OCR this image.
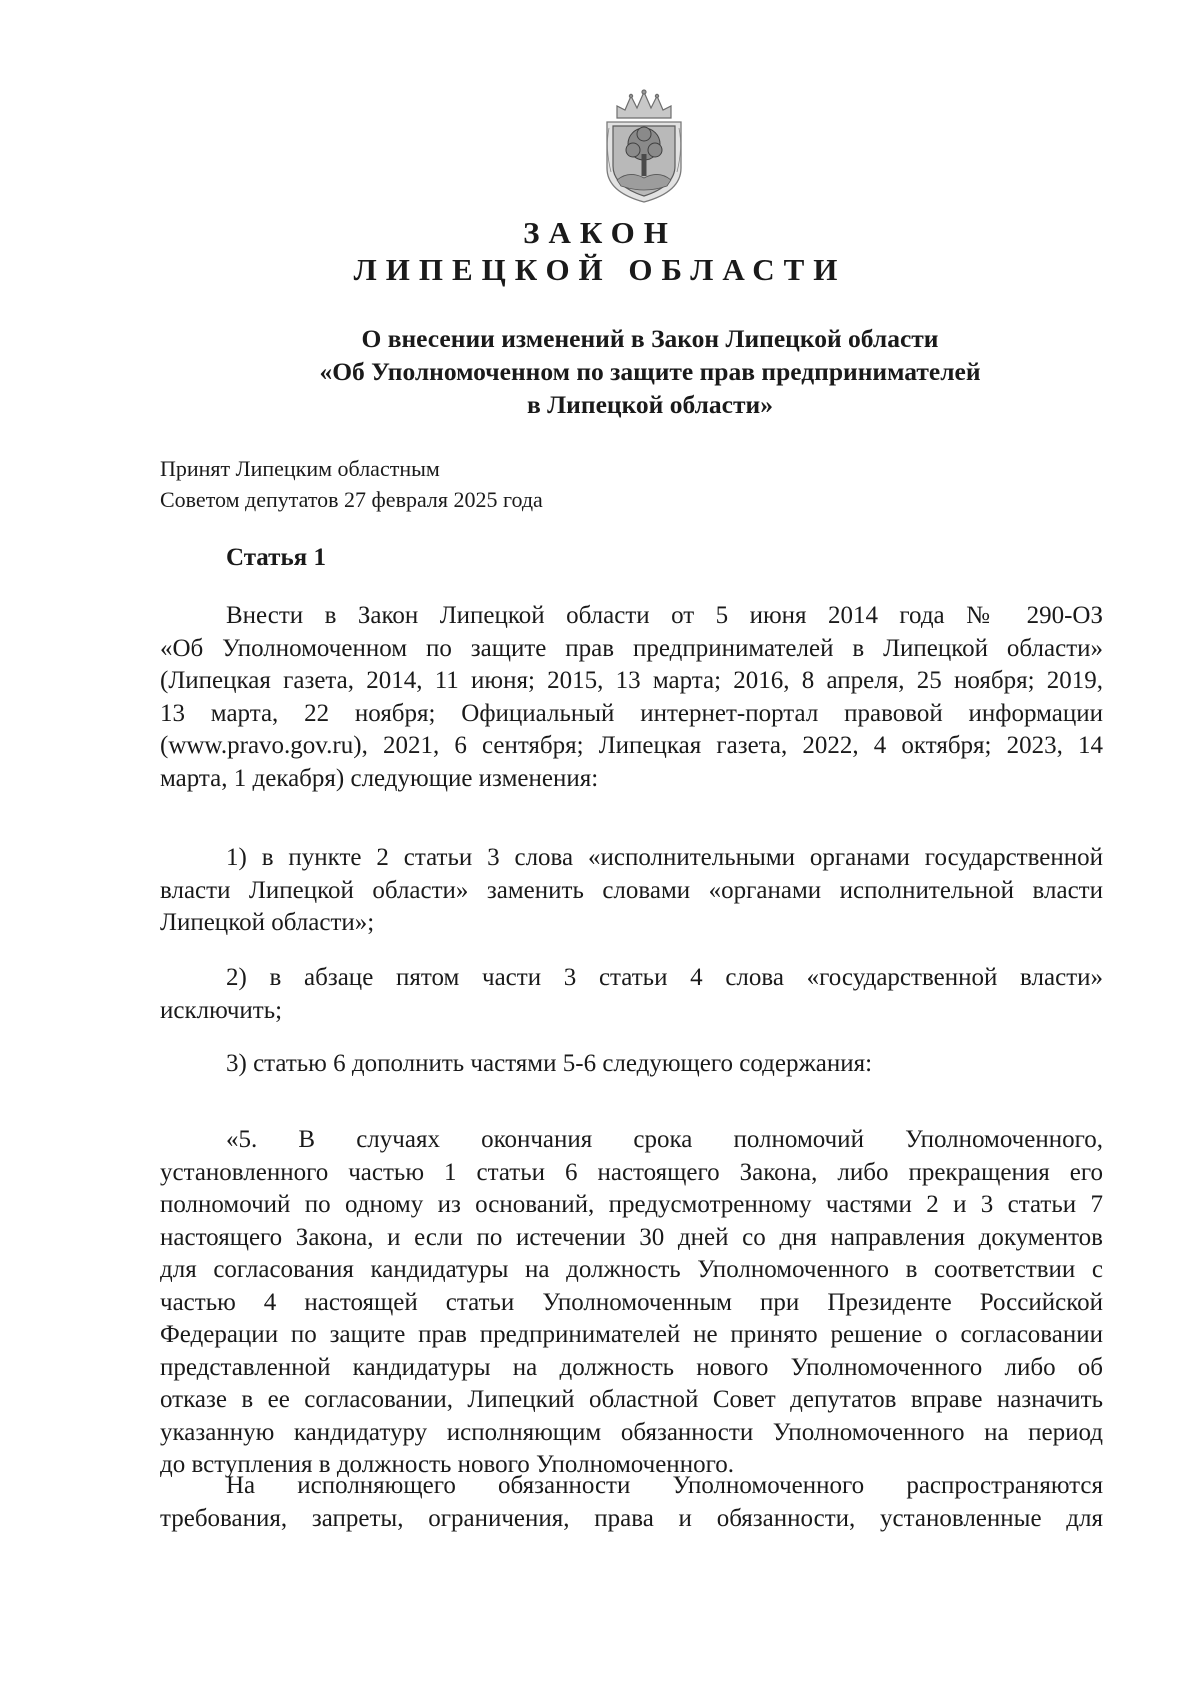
ЗАКОН
ЛИПЕЦКОЙ ОБЛАСТИ
О внесении изменений в Закон Липецкой области
«Об Уполномоченном по защите прав предпринимателей
в Липецкой области»
Принят Липецким областным
Советом депутатов 27 февраля 2025 года
Статья 1
Внести в Закон Липецкой области от 5 июня 2014 года № 290-ОЗ
«Об Уполномоченном по защите прав предпринимателей в Липецкой области»
(Липецкая газета, 2014, 11 июня; 2015, 13 марта; 2016, 8 апреля, 25 ноября; 2019,
13 марта, 22 ноября; Официальный интернет-портал правовой информации
(www.pravo.gov.ru), 2021, 6 сентября; Липецкая газета, 2022, 4 октября; 2023, 14
марта, 1 декабря) следующие изменения:
1) в пункте 2 статьи 3 слова «исполнительными органами государственной
власти Липецкой области» заменить словами «органами исполнительной власти
Липецкой области»;
2) в абзаце пятом части 3 статьи 4 слова «государственной власти»
исключить;
3) статью 6 дополнить частями 5-6 следующего содержания:
«5. В случаях окончания срока полномочий Уполномоченного,
установленного частью 1 статьи 6 настоящего Закона, либо прекращения его
полномочий по одному из оснований, предусмотренному частями 2 и 3 статьи 7
настоящего Закона, и если по истечении 30 дней со дня направления документов
для согласования кандидатуры на должность Уполномоченного в соответствии с
частью 4 настоящей статьи Уполномоченным при Президенте Российской
Федерации по защите прав предпринимателей не принято решение о согласовании
представленной кандидатуры на должность нового Уполномоченного либо об
отказе в ее согласовании, Липецкий областной Совет депутатов вправе назначить
указанную кандидатуру исполняющим обязанности Уполномоченного на период
до вступления в должность нового Уполномоченного.
На исполняющего обязанности Уполномоченного распространяются
требования, запреты, ограничения, права и обязанности, установленные для
